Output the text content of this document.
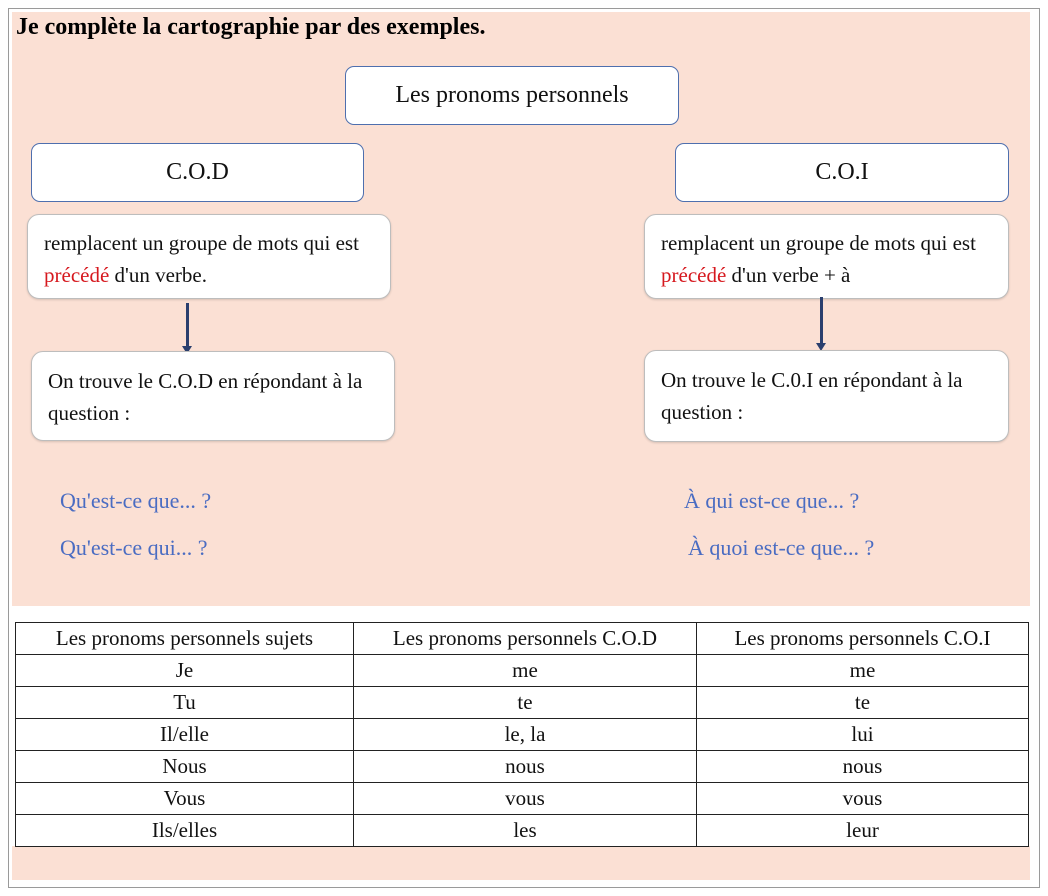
Je complète la cartographie par des exemples.
Les pronoms personnels
C.O.D
remplacent un groupe de mots qui est précédé d'un verbe.
On trouve le C.O.D en répondant à la question :
Qu'est-ce que... ?
Qu'est-ce qui... ?
C.O.I
remplacent un groupe de mots qui est précédé d'un verbe + à
On trouve le C.0.I en répondant à la question :
À qui est-ce que... ?
À quoi est-ce que... ?
Les pronoms personnels sujets	Les pronoms personnels C.O.D	Les pronoms personnels C.O.I
Je	me	me
Tu	te	te
Il/elle	le, la	lui
Nous	nous	nous
Vous	vous	vous
Ils/elles	les	leur
